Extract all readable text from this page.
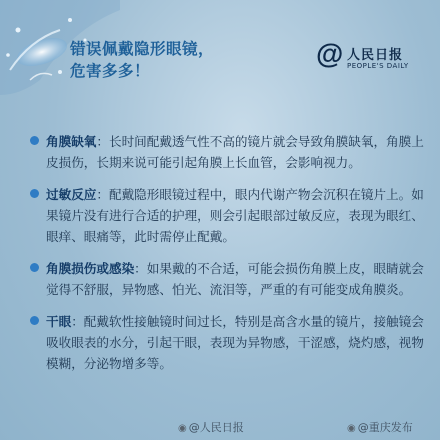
错误佩戴隐形眼镜，
危害多多！
@ 人民日报
PEOPLE'S DAILY
角膜缺氧：长时间配戴透气性不高的镜片就会导致角膜缺氧，角膜上皮损伤，长期来说可能引起角膜上长血管，会影响视力。
过敏反应：配戴隐形眼镜过程中，眼内代谢产物会沉积在镜片上。如果镜片没有进行合适的护理，则会引起眼部过敏反应，表现为眼红、眼痒、眼痛等，此时需停止配戴。
角膜损伤或感染：如果戴的不合适，可能会损伤角膜上皮，眼睛就会觉得不舒服，异物感、怕光、流泪等，严重的有可能变成角膜炎。
干眼：配戴软性接触镜时间过长，特别是高含水量的镜片，接触镜会吸收眼表的水分，引起干眼，表现为异物感，干涩感，烧灼感，视物模糊，分泌物增多等。
◉ @人民日报	◉ @重庆发布
